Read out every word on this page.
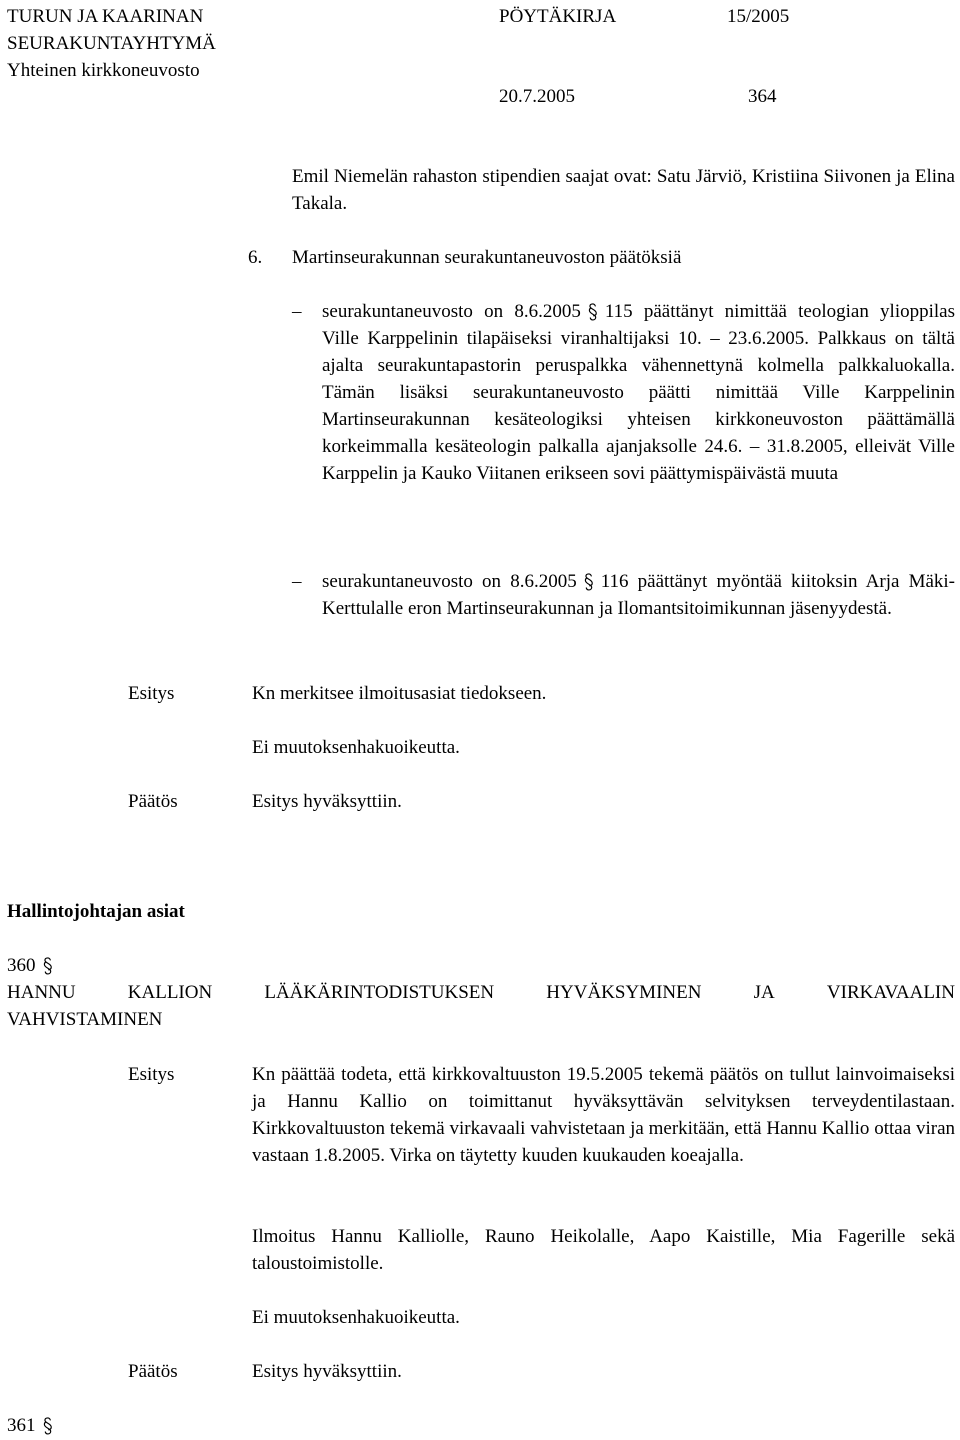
TURUN JA KAARINAN
SEURAKUNTAYHTYMÄ
Yhteinen kirkkoneuvosto
PÖYTÄKIRJA	15/2005
20.7.2005	364
Emil Niemelän rahaston stipendien saajat ovat: Satu Järviö, Kristiina Siivonen ja Elina Takala.
6. Martinseurakunnan seurakuntaneuvoston päätöksiä
– seurakuntaneuvosto on 8.6.2005 115 päättänyt nimittää teologian ylioppilas Ville Karppelinin tilapäiseksi viranhaltijaksi 10. – 23.6.2005. Palkkaus on tältä ajalta seurakuntapastorin peruspalkka vähennettynä kolmella palkkaluokalla. Tämän lisäksi seurakuntaneuvosto päätti nimittää Ville Karppelinin Martinseurakunnan kesäteologiksi yhteisen kirkkoneuvoston päättämällä korkeimmalla kesäteologin palkalla ajanjaksolle 24.6. – 31.8.2005, elleivät Ville Karppelin ja Kauko Viitanen erikseen sovi päättymispäivästä muuta
– seurakuntaneuvosto on 8.6.2005 116 päättänyt myöntää kiitoksin Arja Mäki-Kerttulalle eron Martinseurakunnan ja Ilomantsitoimikunnan jäsenyydestä.
Esitys	Kn merkitsee ilmoitusasiat tiedokseen.
Ei muutoksenhakuoikeutta.
Päätös	Esitys hyväksyttiin.
Hallintojohtajan asiat
360
HANNU	KALLION	LÄÄKÄRINTODISTUKSEN	HYVÄKSYMINEN	JA	VIRKAVAALIN
VAHVISTAMINEN
Esitys	Kn päättää todeta, että kirkkovaltuuston 19.5.2005 tekemä päätös on tullut lainvoimaiseksi ja Hannu Kallio on toimittanut hyväksyttävän selvityksen terveydentilastaan. Kirkkovaltuuston tekemä virkavaali vahvistetaan ja merkitään, että Hannu Kallio ottaa viran vastaan 1.8.2005. Virka on täytetty kuuden kuukauden koeajalla.
Ilmoitus Hannu Kalliolle, Rauno Heikolalle, Aapo Kaistille, Mia Fagerille sekä taloustoimistolle.
Ei muutoksenhakuoikeutta.
Päätös	Esitys hyväksyttiin.
361
